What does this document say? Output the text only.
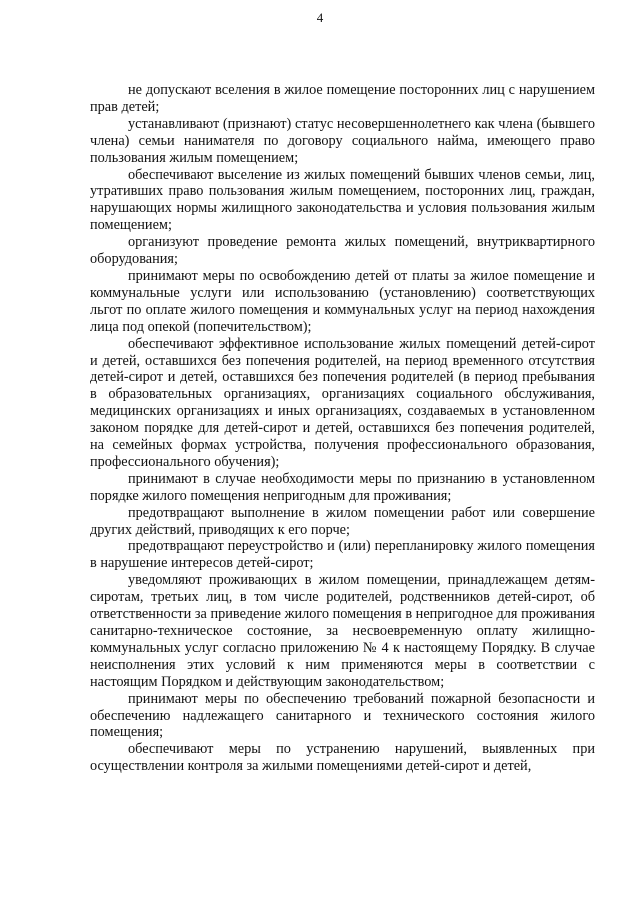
4

не допускают вселения в жилое помещение посторонних лиц с нарушением прав детей;

устанавливают (признают) статус несовершеннолетнего как члена (бывшего члена) семьи нанимателя по договору социального найма, имеющего право пользования жилым помещением;

обеспечивают выселение из жилых помещений бывших членов семьи, лиц, утративших право пользования жилым помещением, посторонних лиц, граждан, нарушающих нормы жилищного законодательства и условия пользования жилым помещением;

организуют проведение ремонта жилых помещений, внутриквартирного оборудования;

принимают меры по освобождению детей от платы за жилое помещение и коммунальные услуги или использованию (установлению) соответствующих льгот по оплате жилого помещения и коммунальных услуг на период нахождения лица под опекой (попечительством);

обеспечивают эффективное использование жилых помещений детей-сирот и детей, оставшихся без попечения родителей, на период временного отсутствия детей-сирот и детей, оставшихся без попечения родителей (в период пребывания в образовательных организациях, организациях социального обслуживания, медицинских организациях и иных организациях, создаваемых в установленном законом порядке для детей-сирот и детей, оставшихся без попечения родителей, на семейных формах устройства, получения профессионального образования, профессионального обучения);

принимают в случае необходимости меры по признанию в установленном порядке жилого помещения непригодным для проживания;

предотвращают выполнение в жилом помещении работ или совершение других действий, приводящих к его порче;

предотвращают переустройство и (или) перепланировку жилого помещения в нарушение интересов детей-сирот;

уведомляют проживающих в жилом помещении, принадлежащем детям-сиротам, третьих лиц, в том числе родителей, родственников детей-сирот, об ответственности за приведение жилого помещения в непригодное для проживания санитарно-техническое состояние, за несвоевременную оплату жилищно-коммунальных услуг согласно приложению № 4 к настоящему Порядку. В случае неисполнения этих условий к ним применяются меры в соответствии с настоящим Порядком и действующим законодательством;

принимают меры по обеспечению требований пожарной безопасности и обеспечению надлежащего санитарного и технического состояния жилого помещения;

обеспечивают меры по устранению нарушений, выявленных при осуществлении контроля за жилыми помещениями детей-сирот и детей,
